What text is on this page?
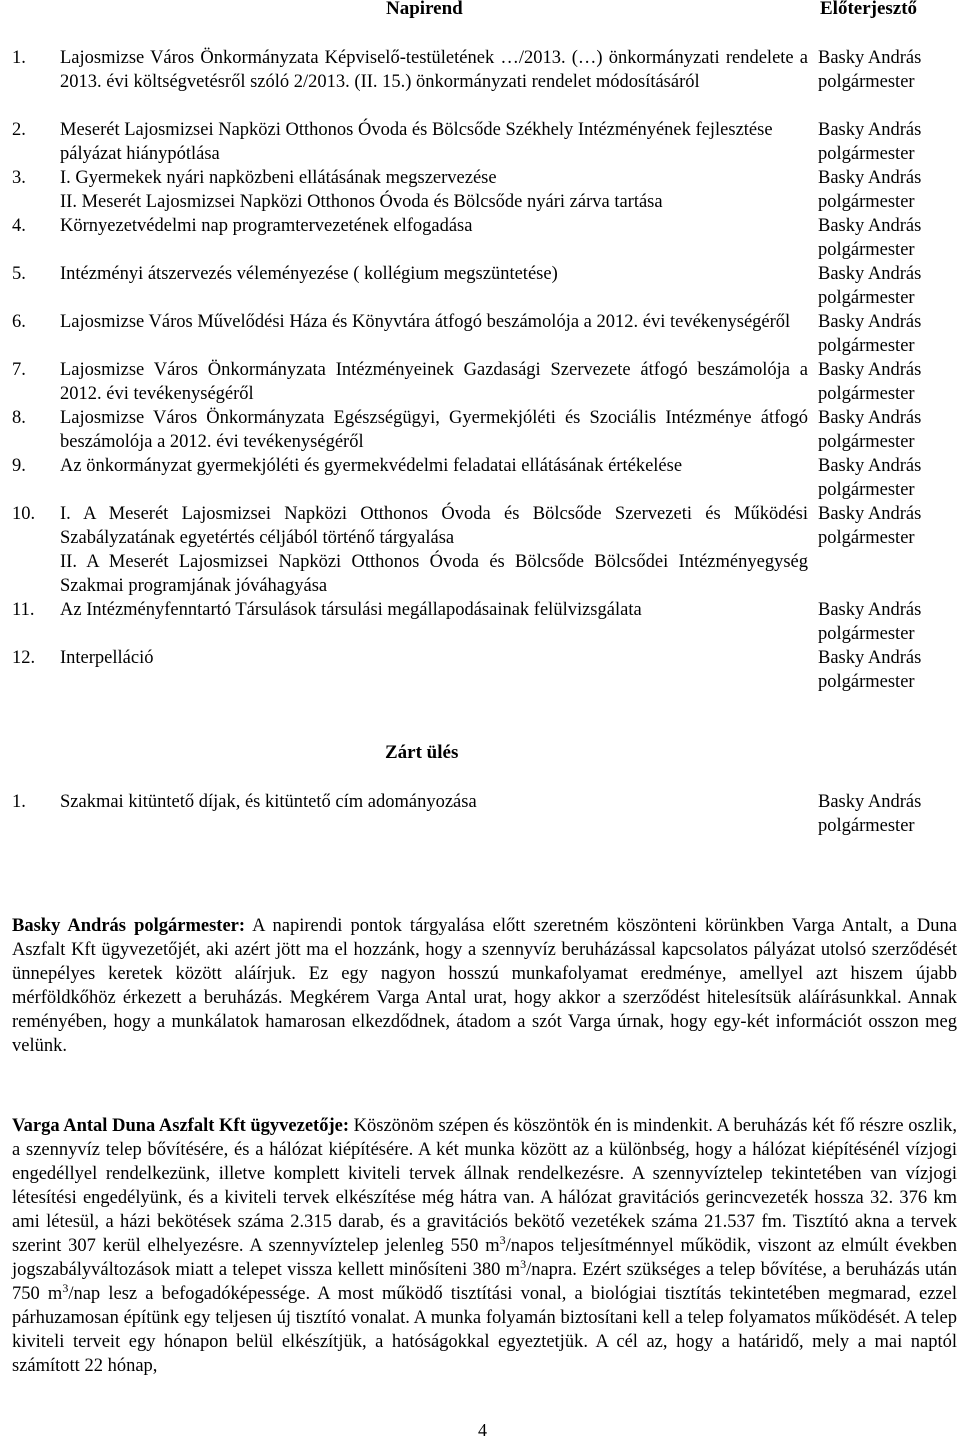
Napirend	Előterjesztő
1.	Lajosmizse Város Önkormányzata Képviselő-testületének …/2013. (…) önkormányzati rendelete a 2013. évi költségvetésről szóló 2/2013. (II. 15.) önkormányzati rendelet módosításáról
Basky András
polgármester
2.	Meserét Lajosmizsei Napközi Otthonos Óvoda és Bölcsőde Székhely Intézményének fejlesztése pályázat hiánypótlása
Basky András
polgármester
3.	I. Gyermekek nyári napközbeni ellátásának megszervezése
II. Meserét Lajosmizsei Napközi Otthonos Óvoda és Bölcsőde nyári zárva tartása
Basky András
polgármester
4.	Környezetvédelmi nap programtervezetének elfogadása	Basky András
polgármester
5.	Intézményi átszervezés véleményezése ( kollégium megszüntetése)	Basky András
polgármester
6.	Lajosmizse Város Művelődési Háza és Könyvtára átfogó beszámolója a 2012. évi tevékenységéről	Basky András
polgármester
7.	Lajosmizse Város Önkormányzata Intézményeinek Gazdasági Szervezete átfogó beszámolója a 2012. évi tevékenységéről
Basky András
polgármester
8.	Lajosmizse Város Önkormányzata Egészségügyi, Gyermekjóléti és Szociális Intézménye átfogó beszámolója a 2012. évi tevékenységéről
Basky András
polgármester
9.	Az önkormányzat gyermekjóléti és gyermekvédelmi feladatai ellátásának értékelése	Basky András
polgármester
10.	I. A Meserét Lajosmizsei Napközi Otthonos Óvoda és Bölcsőde Szervezeti és Működési Szabályzatának egyetértés céljából történő tárgyalása
II. A Meserét Lajosmizsei Napközi Otthonos Óvoda és Bölcsőde Bölcsődei Intézményegység Szakmai programjának jóváhagyása
Basky András
polgármester
11.	Az Intézményfenntartó Társulások társulási megállapodásainak felülvizsgálata	Basky András
polgármester
12.	Interpelláció	Basky András
polgármester
Zárt ülés
1.	Szakmai kitüntető díjak, és kitüntető cím adományozása	Basky András
polgármester

Basky András polgármester: A napirendi pontok tárgyalása előtt szeretném köszönteni körünkben Varga Antalt, a Duna Aszfalt Kft ügyvezetőjét, aki azért jött ma el hozzánk, hogy a szennyvíz beruházással kapcsolatos pályázat utolsó szerződését ünnepélyes keretek között aláírjuk. Ez egy nagyon hosszú munkafolyamat eredménye, amellyel azt hiszem újabb mérföldkőhöz érkezett a beruházás. Megkérem Varga Antal urat, hogy akkor a szerződést hitelesítsük aláírásunkkal. Annak reményében, hogy a munkálatok hamarosan elkezdődnek, átadom a szót Varga úrnak, hogy egy-két információt osszon meg velünk.

Varga Antal Duna Aszfalt Kft ügyvezetője: Köszönöm szépen és köszöntök én is mindenkit. A beruházás két fő részre oszlik, a szennyvíz telep bővítésére, és a hálózat kiépítésére. A két munka között az a különbség, hogy a hálózat kiépítésénél vízjogi engedéllyel rendelkezünk, illetve komplett kiviteli tervek állnak rendelkezésre. A szennyvíztelep tekintetében van vízjogi létesítési engedélyünk, és a kiviteli tervek elkészítése még hátra van. A hálózat gravitációs gerincvezeték hossza 32. 376 km ami létesül, a házi bekötések száma 2.315 darab, és a gravitációs bekötő vezetékek száma 21.537 fm. Tisztító akna a tervek szerint 307 kerül elhelyezésre. A szennyvíztelep jelenleg 550 $m^3$/napos teljesítménnyel működik, viszont az elmúlt években jogszabályváltozások miatt a telepet vissza kellett minősíteni 380 $m^3$/napra. Ezért szükséges a telep bővítése, a beruházás után 750 $m^3$/nap lesz a befogadóképessége. A most működő tisztítási vonal, a biológiai tisztítás tekintetében megmarad, ezzel párhuzamosan építünk egy teljesen új tisztító vonalat. A munka folyamán biztosítani kell a telep folyamatos működését. A telep kiviteli terveit egy hónapon belül elkészítjük, a hatóságokkal egyeztetjük. A cél az, hogy a határidő, mely a mai naptól számított 22 hónap,

4
